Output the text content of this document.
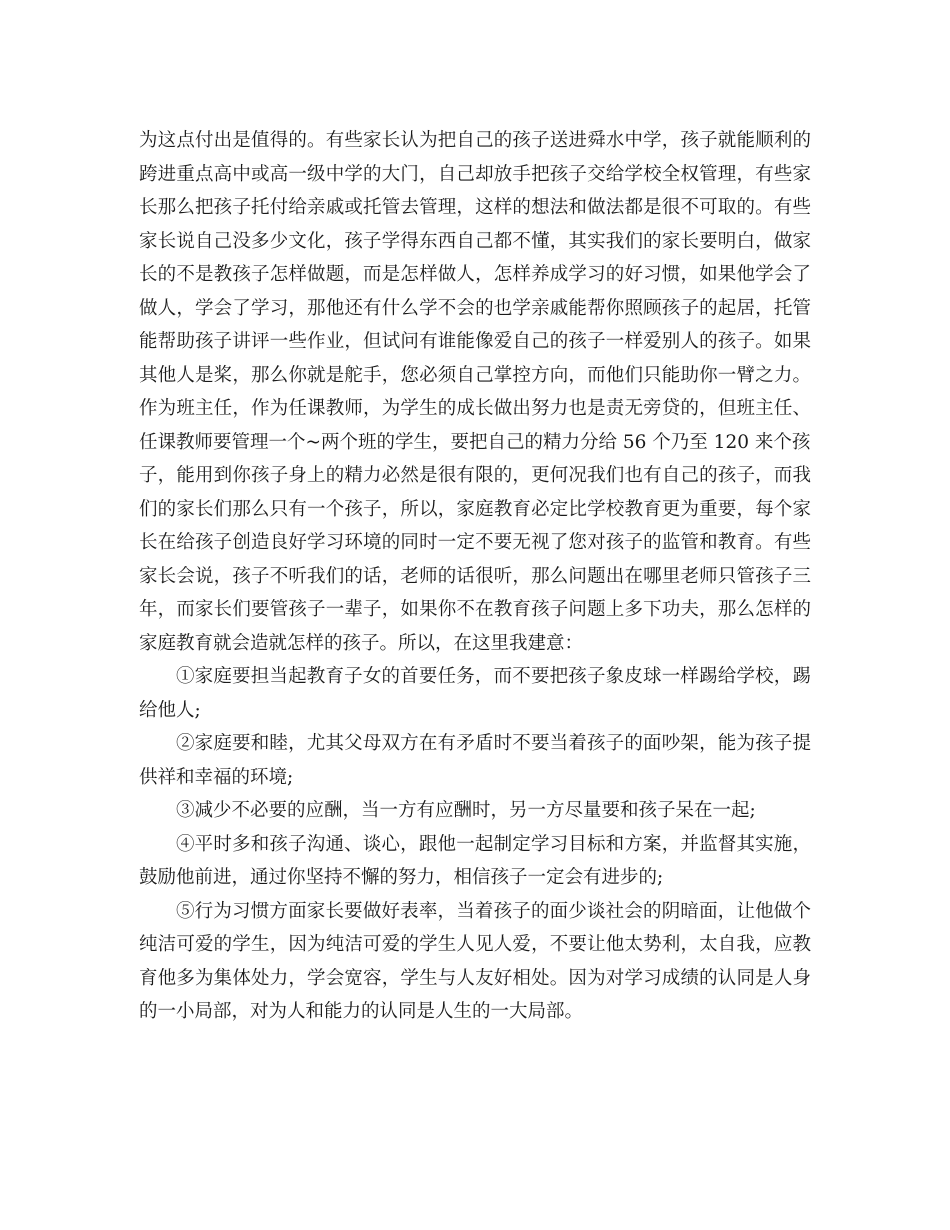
为这点付出是值得的。有些家长认为把自己的孩子送进舜水中学，孩子就能顺利的
跨进重点高中或高一级中学的大门，自己却放手把孩子交给学校全权管理，有些家
长那么把孩子托付给亲戚或托管去管理，这样的想法和做法都是很不可取的。有些
家长说自己没多少文化，孩子学得东西自己都不懂，其实我们的家长要明白，做家
长的不是教孩子怎样做题，而是怎样做人，怎样养成学习的好习惯，如果他学会了
做人，学会了学习，那他还有什么学不会的也学亲戚能帮你照顾孩子的起居，托管
能帮助孩子讲评一些作业，但试问有谁能像爱自己的孩子一样爱别人的孩子。如果
其他人是桨，那么你就是舵手，您必须自己掌控方向，而他们只能助你一臂之力。
作为班主任，作为任课教师，为学生的成长做出努力也是责无旁贷的，但班主任、
任课教师要管理一个~两个班的学生，要把自己的精力分给 56 个乃至 120 来个孩
子，能用到你孩子身上的精力必然是很有限的，更何况我们也有自己的孩子，而我
们的家长们那么只有一个孩子，所以，家庭教育必定比学校教育更为重要，每个家
长在给孩子创造良好学习环境的同时一定不要无视了您对孩子的监管和教育。有些
家长会说，孩子不听我们的话，老师的话很听，那么问题出在哪里老师只管孩子三
年，而家长们要管孩子一辈子，如果你不在教育孩子问题上多下功夫，那么怎样的
家庭教育就会造就怎样的孩子。所以，在这里我建意：
①家庭要担当起教育子女的首要任务，而不要把孩子象皮球一样踢给学校，踢
给他人;
②家庭要和睦，尤其父母双方在有矛盾时不要当着孩子的面吵架，能为孩子提
供祥和幸福的环境;
③减少不必要的应酬，当一方有应酬时，另一方尽量要和孩子呆在一起;
④平时多和孩子沟通、谈心，跟他一起制定学习目标和方案，并监督其实施，
鼓励他前进，通过你坚持不懈的努力，相信孩子一定会有进步的;
⑤行为习惯方面家长要做好表率，当着孩子的面少谈社会的阴暗面，让他做个
纯洁可爱的学生，因为纯洁可爱的学生人见人爱，不要让他太势利，太自我，应教
育他多为集体处力，学会宽容，学生与人友好相处。因为对学习成绩的认同是人身
的一小局部，对为人和能力的认同是人生的一大局部。
